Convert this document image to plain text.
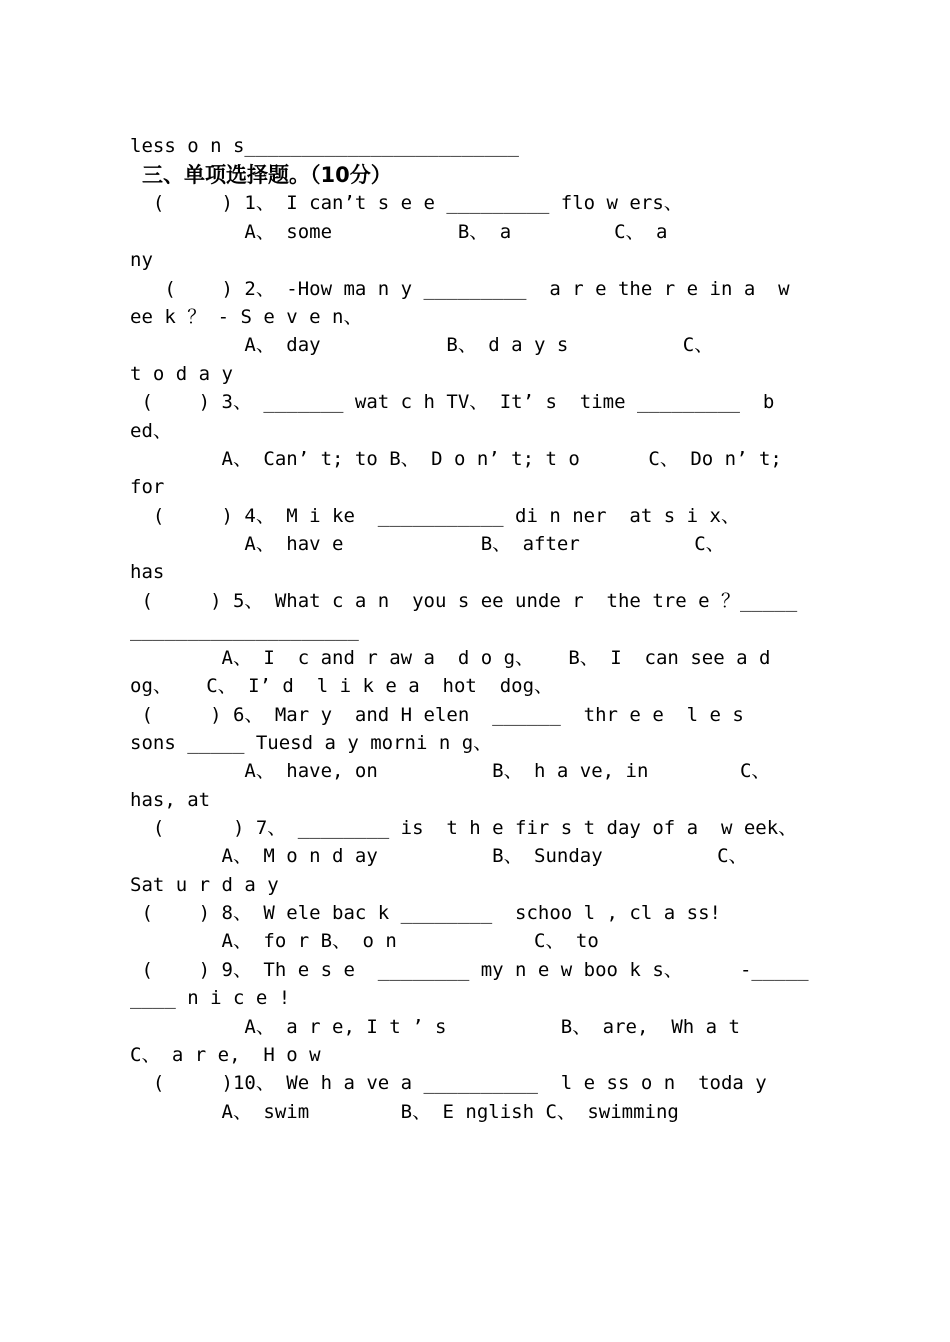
less o n s________________________
三、单项选择题。（10分）
(     ) 1、 I can’t s e e _________ flo w ers、
A、 some           B、 a         C、 a
ny
(    ) 2、 -How ma n y _________  a r e the r e in a  w
ee k ？ - S e v e n、
A、 day           B、 d a y s          C、
t o d a y
(    ) 3、 _______ wat c h TV、 It’ s  time _________  b
ed、
A、 Can’ t; to B、 D o n’ t; t o      C、 Do n’ t;
for
(     ) 4、 M i ke  ___________ di n ner  at s i x、
A、 hav e            B、 after          C、
has
(     ) 5、 What c a n  you s ee unde r  the tre e ？_____
____________________
A、 I  c and r aw a  d o g、   B、 I  can see a d
og、   C、 I’ d  l i k e a  hot  dog、
(     ) 6、 Mar y  and H elen  ______  thr e e  l e s
sons _____ Tuesd a y morni n g、
A、 have, on          B、 h a ve, in        C、
has, at
(      ) 7、 ________ is  t h e fir s t day of a  w eek、
A、 M o n d ay          B、 Sunday          C、
Sat u r d a y
(    ) 8、 W ele bac k ________  schoo l , cl a ss!
A、 fo r B、 o n            C、 to
(    ) 9、 Th e s e  ________ my n e w boo k s、     -_____
____ n i c e !
A、 a r e, I t ’ s          B、 are,  Wh a t
C、 a r e,  H o w
(     )10、 We h a ve a __________  l e ss o n  toda y
A、 swim        B、 E nglish C、 swimming
